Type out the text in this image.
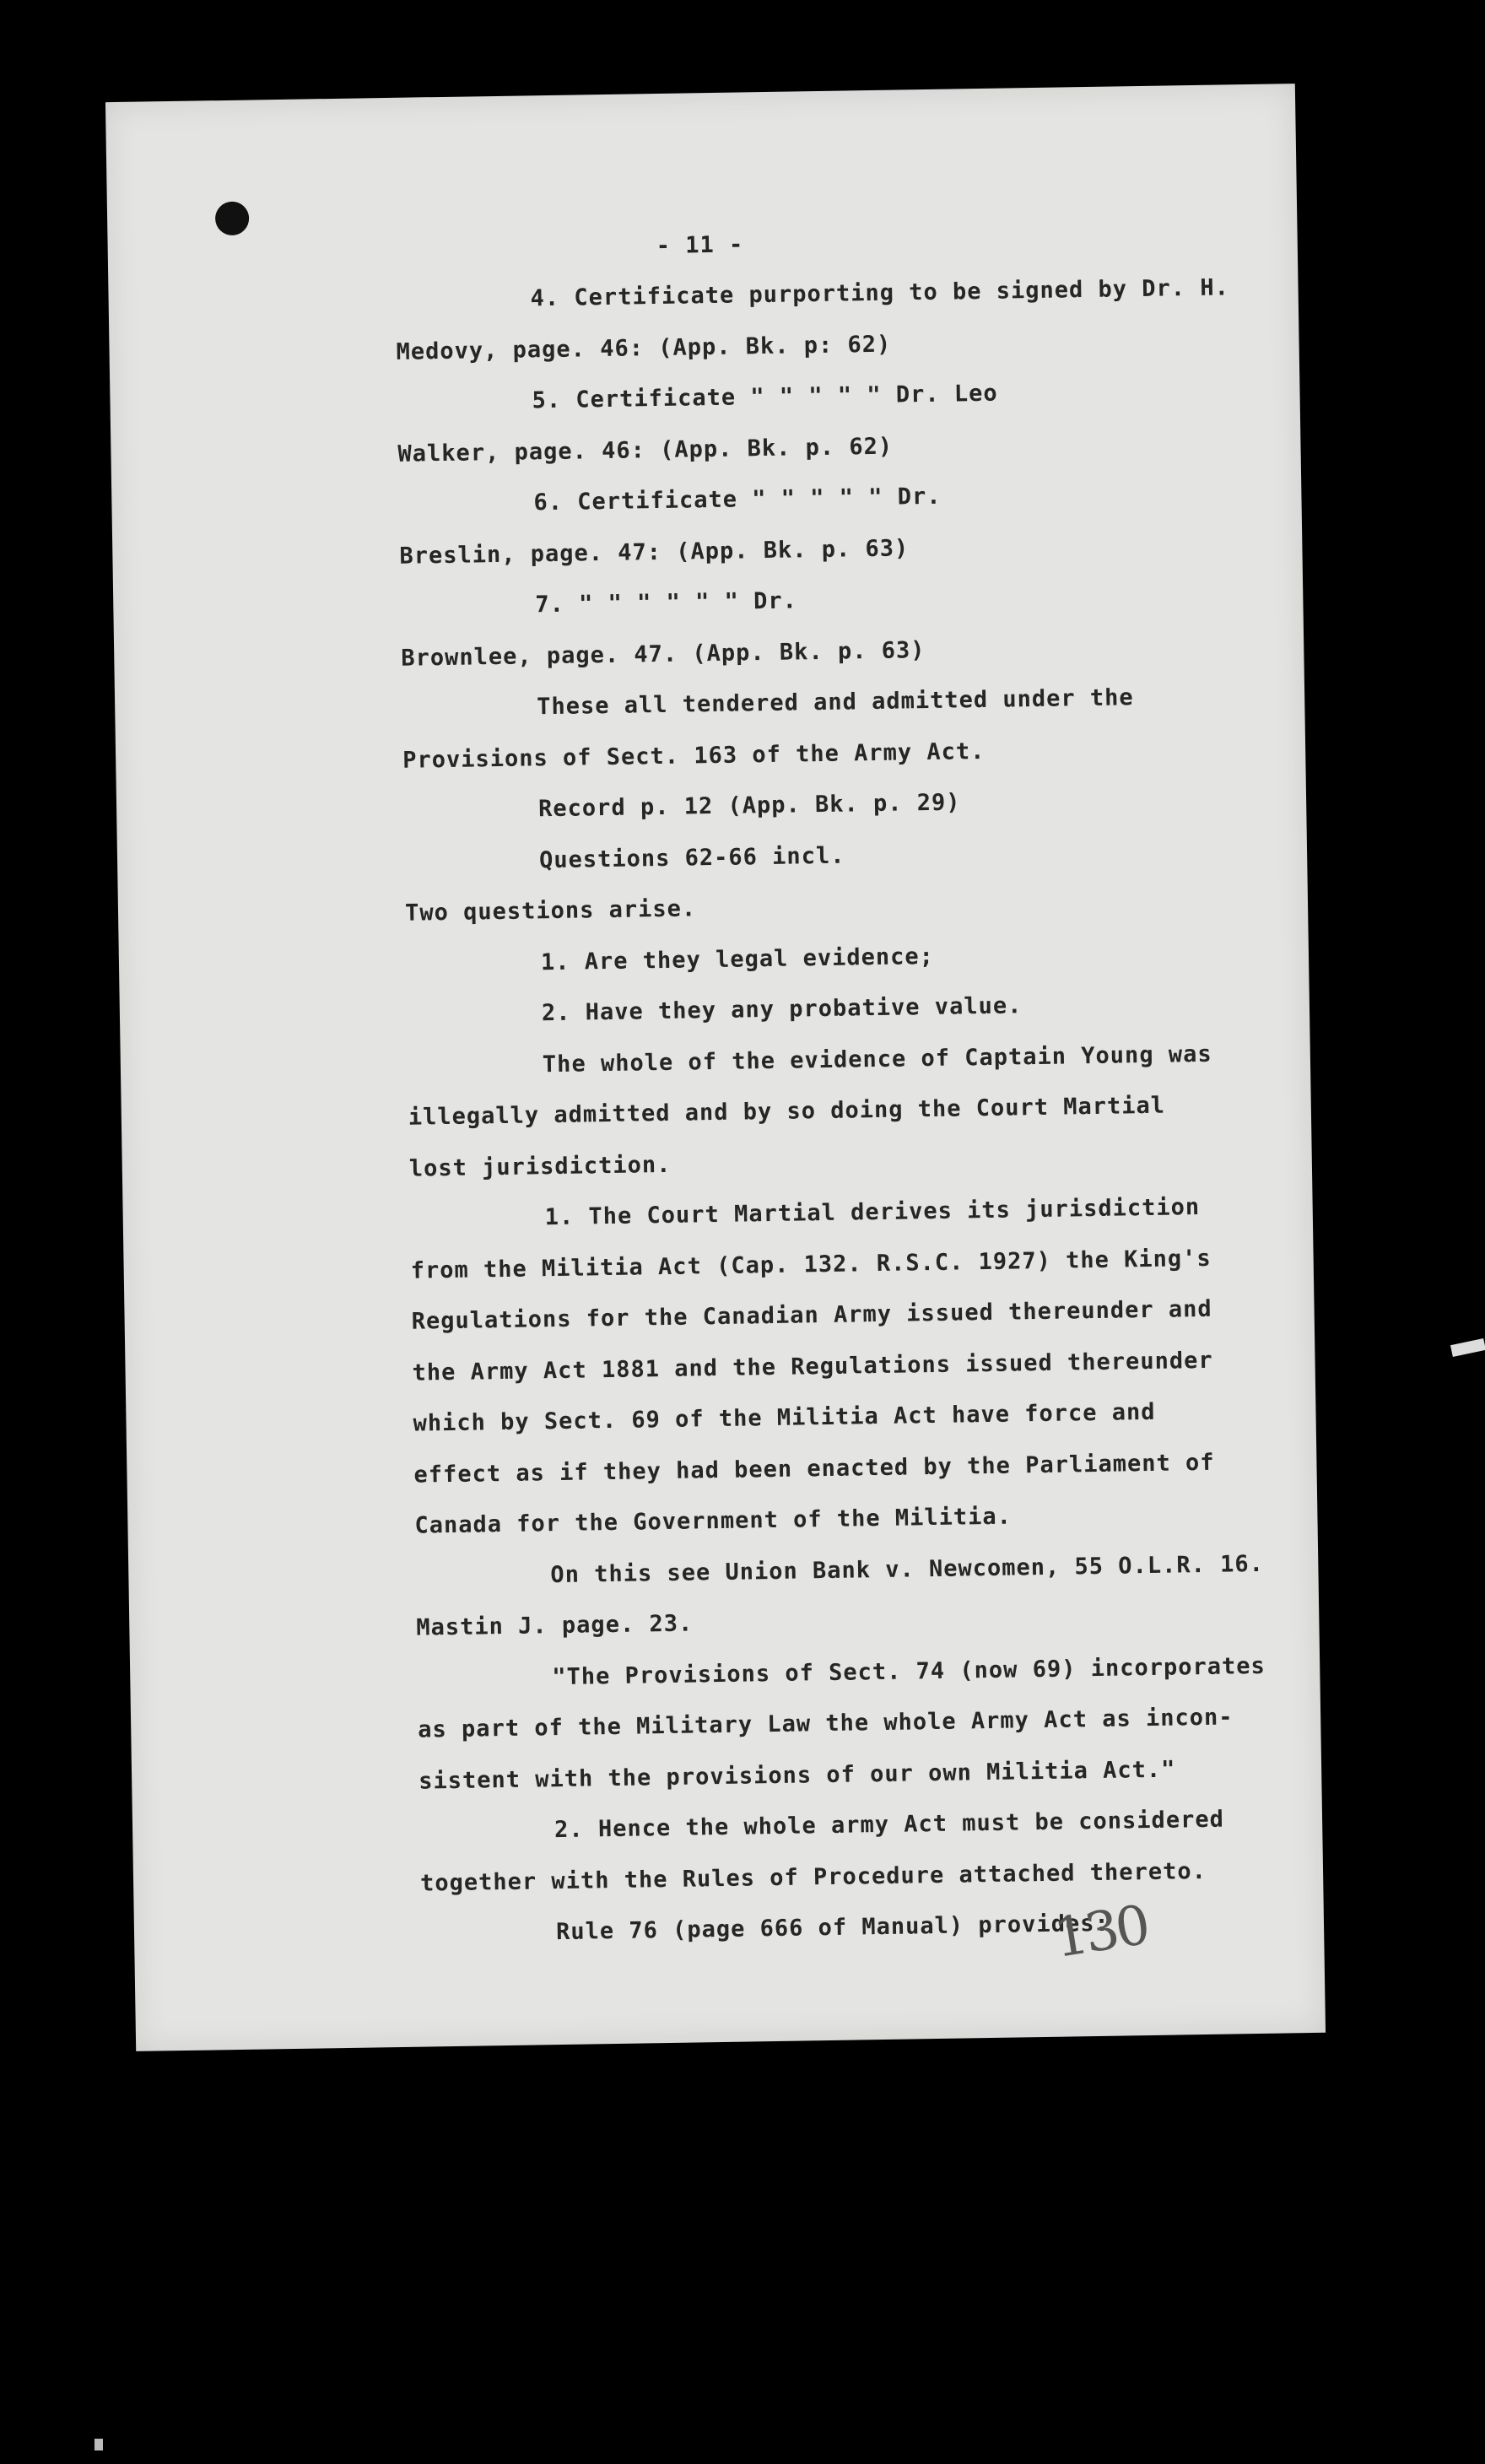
- 11 -
4. Certificate purporting to be signed by Dr. H.
Medovy, page. 46: (App. Bk. p: 62)
5. Certificate " " " " " Dr. Leo
Walker, page. 46: (App. Bk. p. 62)
6. Certificate " " " " " Dr.
Breslin, page. 47: (App. Bk. p. 63)
7. " " " " " " Dr.
Brownlee, page. 47. (App. Bk. p. 63)
These all tendered and admitted under the
Provisions of Sect. 163 of the Army Act.
Record p. 12 (App. Bk. p. 29)
Questions 62-66 incl.
Two questions arise.
1. Are they legal evidence;
2. Have they any probative value.
The whole of the evidence of Captain Young was
illegally admitted and by so doing the Court Martial
lost jurisdiction.
1. The Court Martial derives its jurisdiction
from the Militia Act (Cap. 132. R.S.C. 1927) the King's
Regulations for the Canadian Army issued thereunder and
the Army Act 1881 and the Regulations issued thereunder
which by Sect. 69 of the Militia Act have force and
effect as if they had been enacted by the Parliament of
Canada for the Government of the Militia.
On this see Union Bank v. Newcomen, 55 O.L.R. 16.
Mastin J. page. 23.
"The Provisions of Sect. 74 (now 69) incorporates
as part of the Military Law the whole Army Act as incon-
sistent with the provisions of our own Militia Act."
2. Hence the whole army Act must be considered
together with the Rules of Procedure attached thereto.
Rule 76 (page 666 of Manual) provides:
130
